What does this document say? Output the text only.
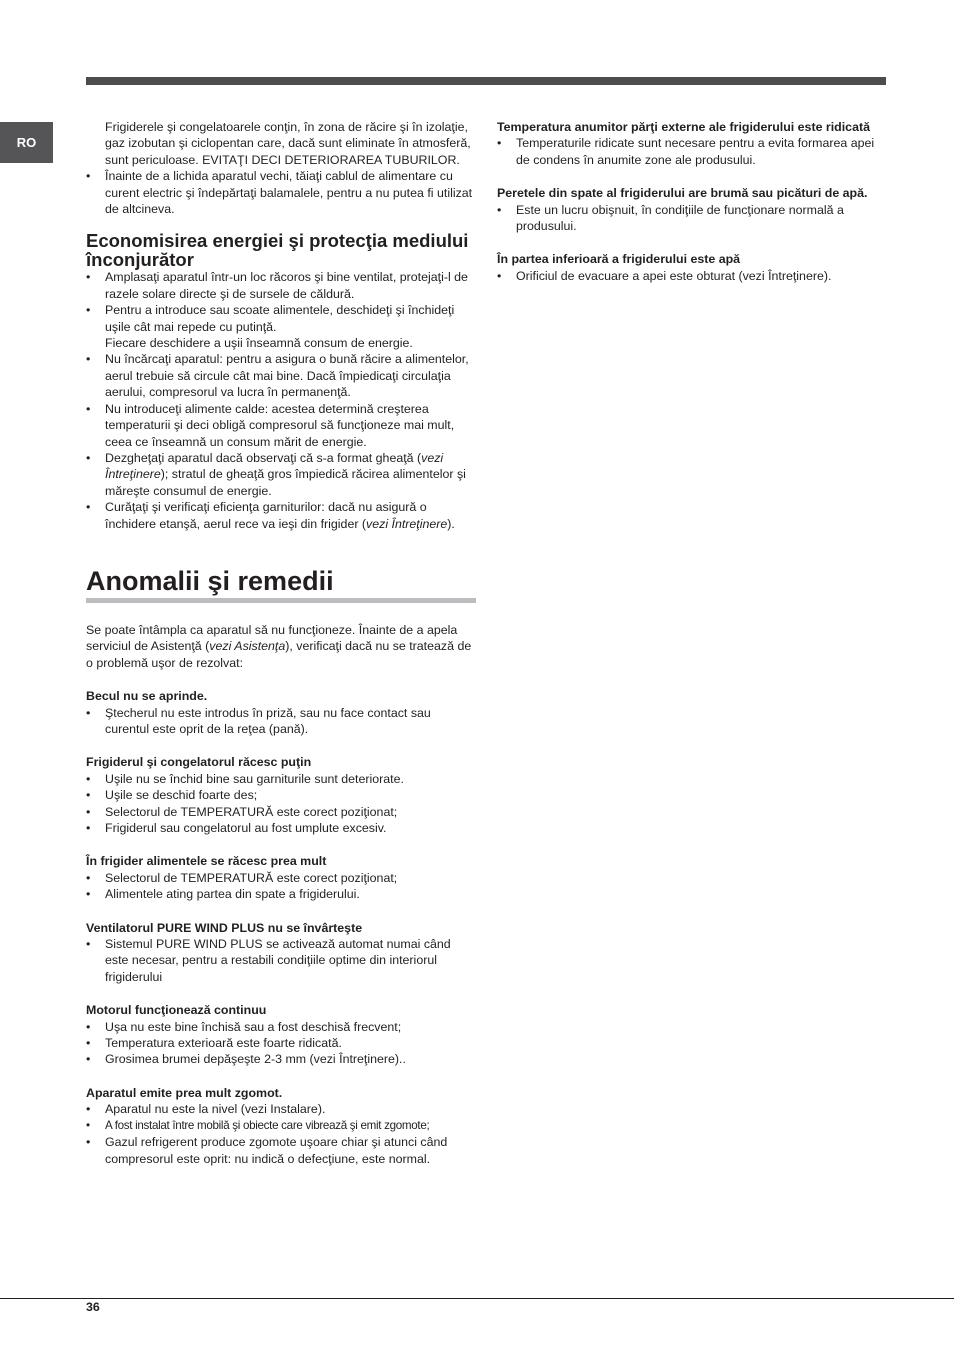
RO

Frigiderele şi congelatoarele conţin, în zona de răcire şi în izolaţie, gaz izobutan şi ciclopentan care, dacă sunt eliminate în atmosferă, sunt periculoase. EVITAŢI DECI DETERIORAREA TUBURILOR.

• Înainte de a lichida aparatul vechi, tăiaţi cablul de alimentare cu curent electric şi îndepărtaţi balamalele, pentru a nu putea fi utilizat de altcineva.
Economisirea energiei şi protecţia mediului înconjurător
• Amplasaţi aparatul într-un loc răcoros şi bine ventilat, protejaţi-l de razele solare directe şi de sursele de căldură.
• Pentru a introduce sau scoate alimentele, deschideţi şi închideţi uşile cât mai repede cu putinţă.
Fiecare deschidere a uşii înseamnă consum de energie.
• Nu încărcaţi aparatul: pentru a asigura o bună răcire a alimentelor, aerul trebuie să circule cât mai bine. Dacă împiedicaţi circulaţia aerului, compresorul va lucra în permanenţă.
• Nu introduceţi alimente calde: acestea determină creşterea temperaturii şi deci obligă compresorul să funcţioneze mai mult, ceea ce înseamnă un consum mărit de energie.
• Dezgheţaţi aparatul dacă observaţi că s-a format gheaţă (vezi Întreţinere); stratul de gheaţă gros împiedică răcirea alimentelor şi măreşte consumul de energie.
• Curăţaţi şi verificaţi eficienţa garniturilor: dacă nu asigură o închidere etanşă, aerul rece va ieşi din frigider (vezi Întreţinere).
Anomalii şi remedii

Se poate întâmpla ca aparatul să nu funcţioneze. Înainte de a apela serviciul de Asistenţă (vezi Asistenţa), verificaţi dacă nu se tratează de o problemă uşor de rezolvat:

Becul nu se aprinde.
• Ştecherul nu este introdus în priză, sau nu face contact sau curentul este oprit de la reţea (pană).
Frigiderul şi congelatorul răcesc puţin
• Uşile nu se închid bine sau garniturile sunt deteriorate.
• Uşile se deschid foarte des;
• Selectorul de TEMPERATURĂ este corect poziţionat;
• Frigiderul sau congelatorul au fost umplute excesiv.
În frigider alimentele se răcesc prea mult
• Selectorul de TEMPERATURĂ este corect poziţionat;
• Alimentele ating partea din spate a frigiderului.
Ventilatorul PURE WIND PLUS nu se învârteşte
• Sistemul PURE WIND PLUS se activează automat numai când este necesar, pentru a restabili condiţiile optime din interiorul frigiderului
Motorul funcţionează continuu
• Uşa nu este bine închisă sau a fost deschisă frecvent;
• Temperatura exterioară este foarte ridicată.
• Grosimea brumei depăşeşte 2-3 mm (vezi Întreţinere)..
Aparatul emite prea mult zgomot.
• Aparatul nu este la nivel (vezi Instalare).
• A fost instalat între mobilă şi obiecte care vibrează şi emit zgomote;
• Gazul refrigerent produce zgomote uşoare chiar şi atunci când compresorul este oprit: nu indică o defecţiune, este normal.
Temperatura anumitor părţi externe ale frigiderului este ridicată
• Temperaturile ridicate sunt necesare pentru a evita formarea apei de condens în anumite zone ale produsului.
Peretele din spate al frigiderului are brumă sau picături de apă.
• Este un lucru obişnuit, în condiţiile de funcţionare normală a produsului.
În partea inferioară a frigiderului este apă
• Orificiul de evacuare a apei este obturat (vezi Întreţinere).
36
